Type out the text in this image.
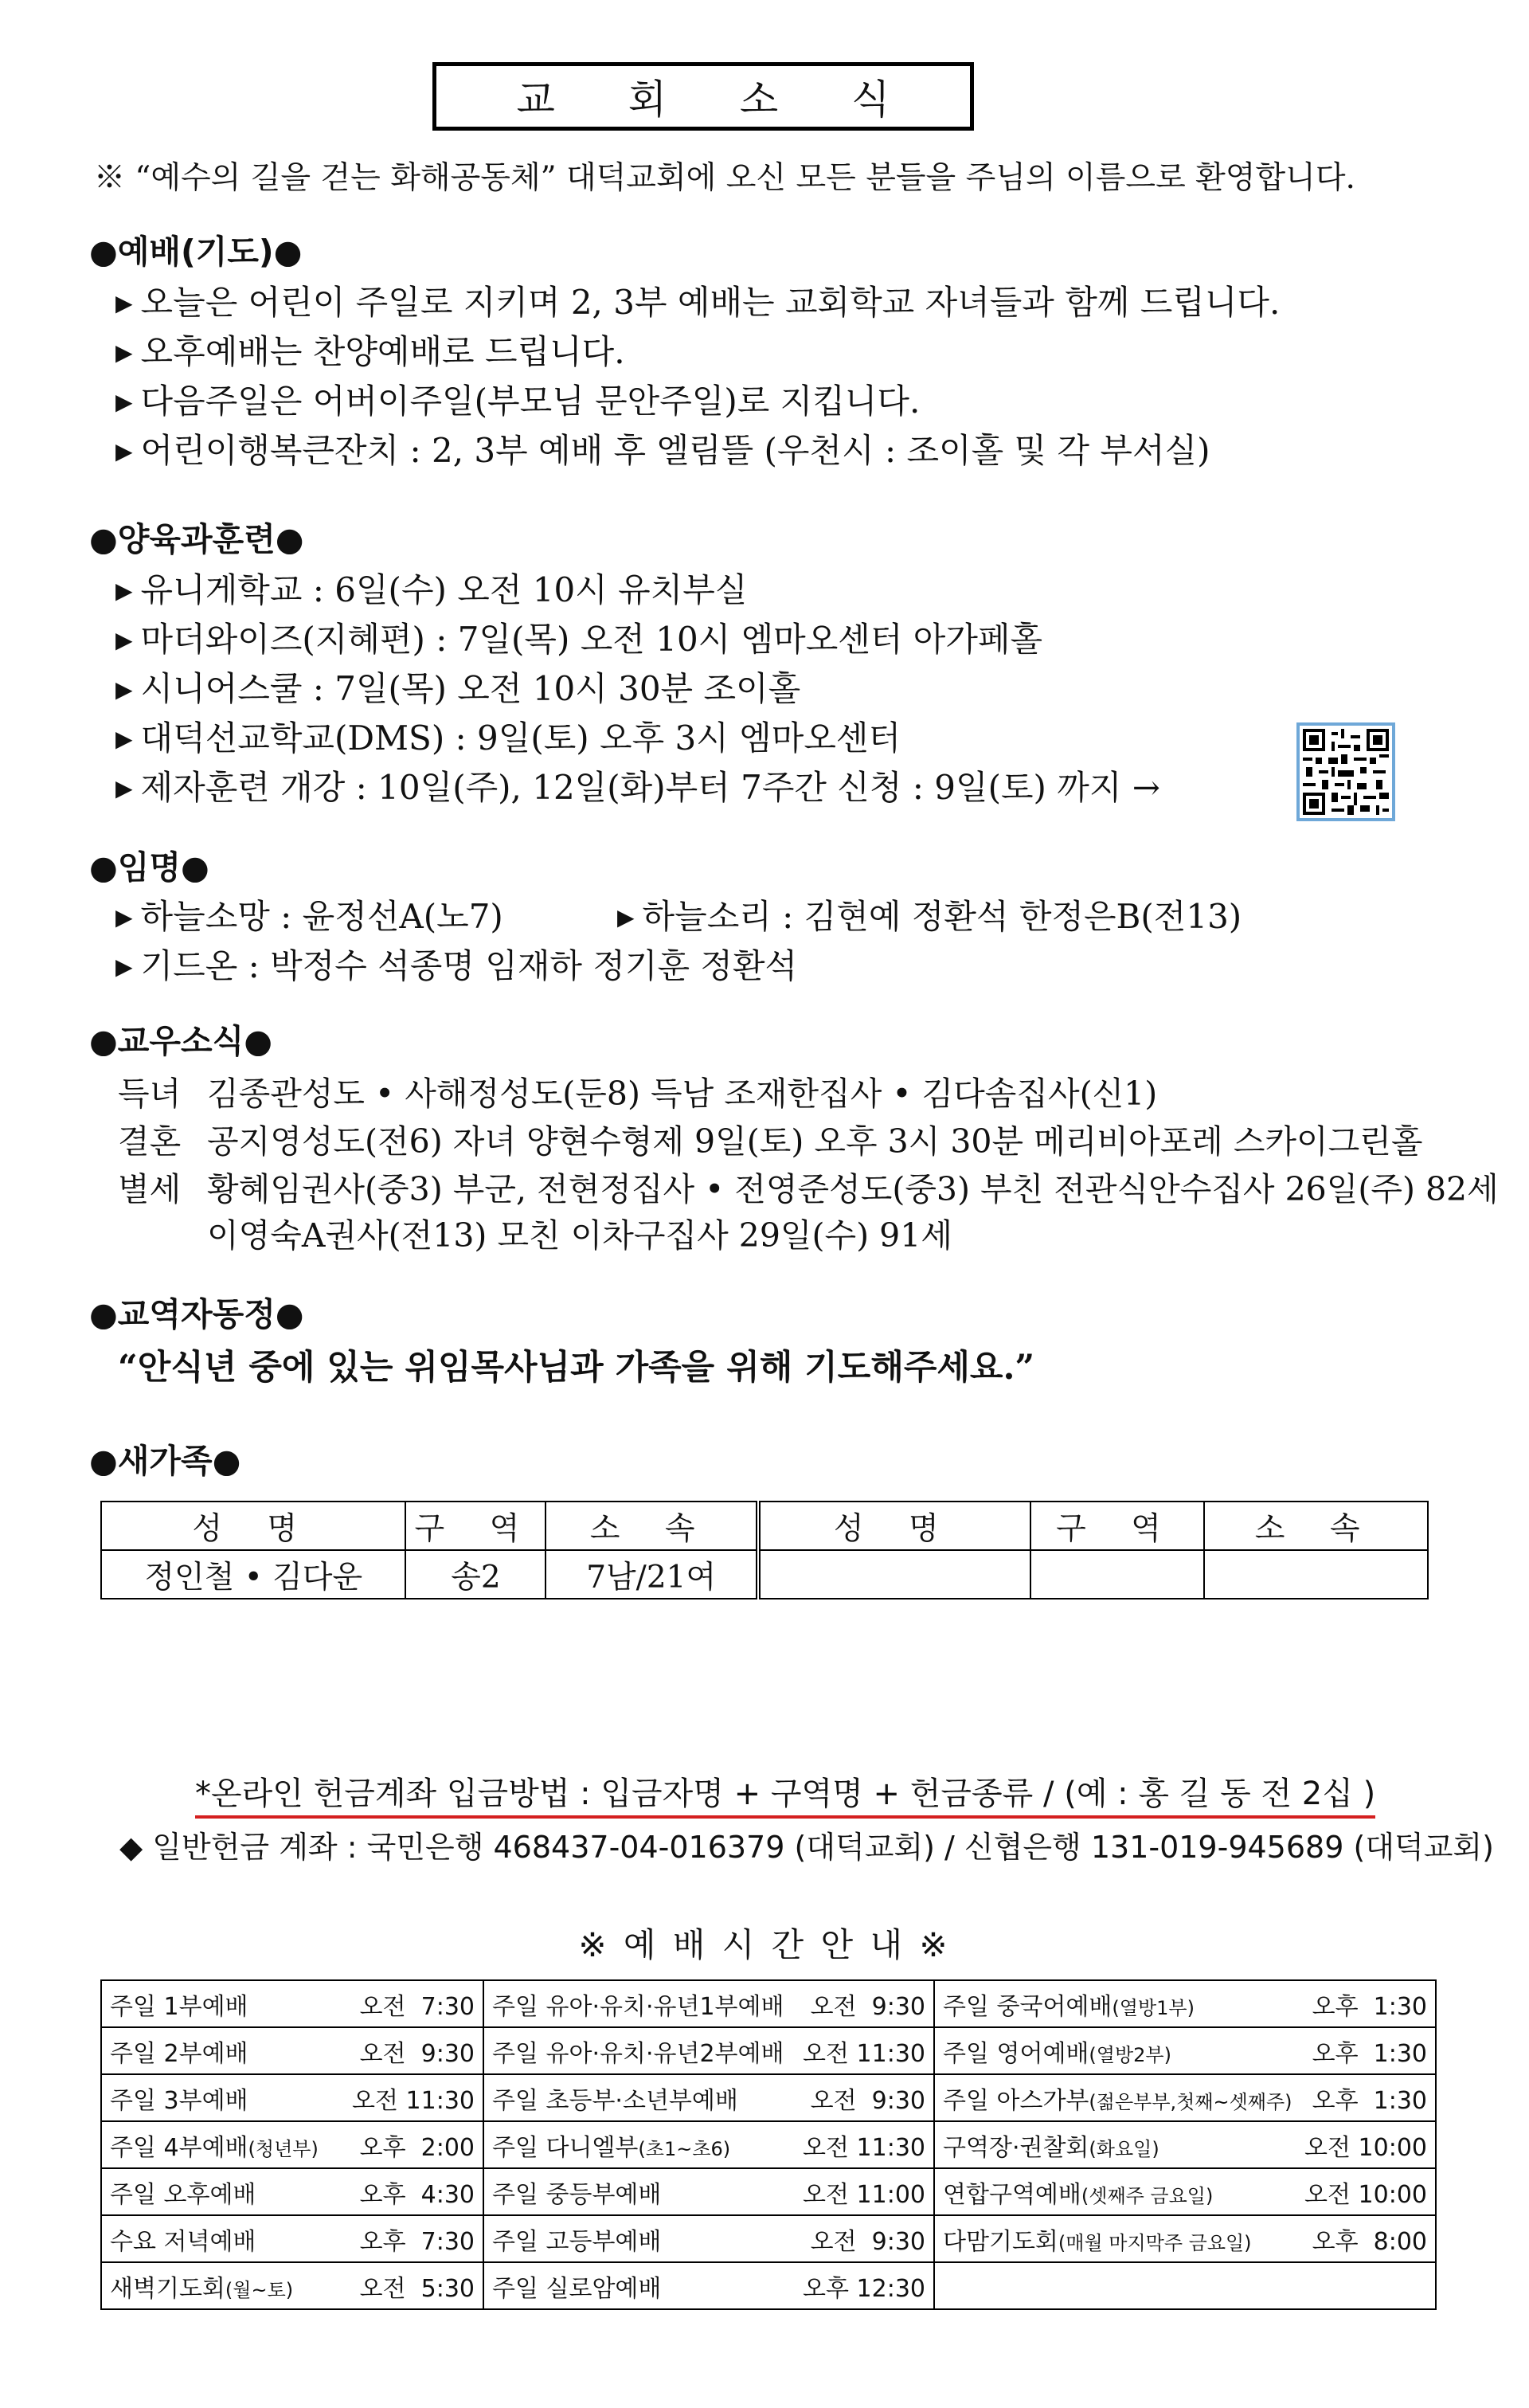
교 회 소 식
※ “예수의 길을 걷는 화해공동체” 대덕교회에 오신 모든 분들을 주님의 이름으로 환영합니다.
●예배(기도)●
▶ 오늘은 어린이 주일로 지키며 2, 3부 예배는 교회학교 자녀들과 함께 드립니다.
▶ 오후예배는 찬양예배로 드립니다.
▶ 다음주일은 어버이주일(부모님 문안주일)로 지킵니다.
▶ 어린이행복큰잔치 : 2, 3부 예배 후 엘림뜰 (우천시 : 조이홀 및 각 부서실)
●양육과훈련●
▶ 유니게학교 : 6일(수) 오전 10시 유치부실
▶ 마더와이즈(지혜편) : 7일(목) 오전 10시 엠마오센터 아가페홀
▶ 시니어스쿨 : 7일(목) 오전 10시 30분 조이홀
▶ 대덕선교학교(DMS) : 9일(토) 오후 3시 엠마오센터
▶ 제자훈련 개강 : 10일(주), 12일(화)부터 7주간 신청 : 9일(토) 까지 →
●임명●
▶ 하늘소망 : 윤정선A(노7)	▶ 하늘소리 : 김현예 정환석 한정은B(전13)
▶ 기드온 : 박정수 석종명 임재하 정기훈 정환석
●교우소식●
득녀 김종관성도 • 사해정성도(둔8) 득남 조재한집사 • 김다솜집사(신1)
결혼 공지영성도(전6) 자녀 양현수형제 9일(토) 오후 3시 30분 메리비아포레 스카이그린홀
별세 황혜임권사(중3) 부군, 전현정집사 • 전영준성도(중3) 부친 전관식안수집사 26일(주) 82세
이영숙A권사(전13) 모친 이차구집사 29일(수) 91세
●교역자동정●
“안식년 중에 있는 위임목사님과 가족을 위해 기도해주세요.”
●새가족●
성 명	구 역	소 속	성 명	구 역	소 속
정인철 • 김다운	송2	7남/21여			
*온라인 헌금계좌 입금방법 : 입금자명 + 구역명 + 헌금종류 / (예 : 홍 길 동 전 2십 )
◆ 일반헌금 계좌 : 국민은행 468437-04-016379 (대덕교회) / 신협은행 131-019-945689 (대덕교회)
※ 예 배 시 간 안 내 ※
주일 1부예배 오전  7:30	주일 유아·유치·유년1부예배 오전  9:30	주일 중국어예배(열방1부) 오후  1:30

주일 2부예배 오전  9:30	주일 유아·유치·유년2부예배 오전 11:30	주일 영어예배(열방2부) 오후  1:30

주일 3부예배 오전 11:30	주일 초등부·소년부예배 오전  9:30	주일 아스가부(젊은부부,첫째~셋째주) 오후  1:30

주일 4부예배(청년부) 오후  2:00	주일 다니엘부(초1~초6) 오전 11:30	구역장·권찰회(화요일) 오전 10:00

주일 오후예배 오후  4:30	주일 중등부예배 오전 11:00	연합구역예배(셋째주 금요일) 오전 10:00

수요 저녁예배 오후  7:30	주일 고등부예배 오전  9:30	다맘기도회(매월 마지막주 금요일) 오후  8:00

새벽기도회(월~토) 오전  5:30	주일 실로암예배 오후 12:30	
